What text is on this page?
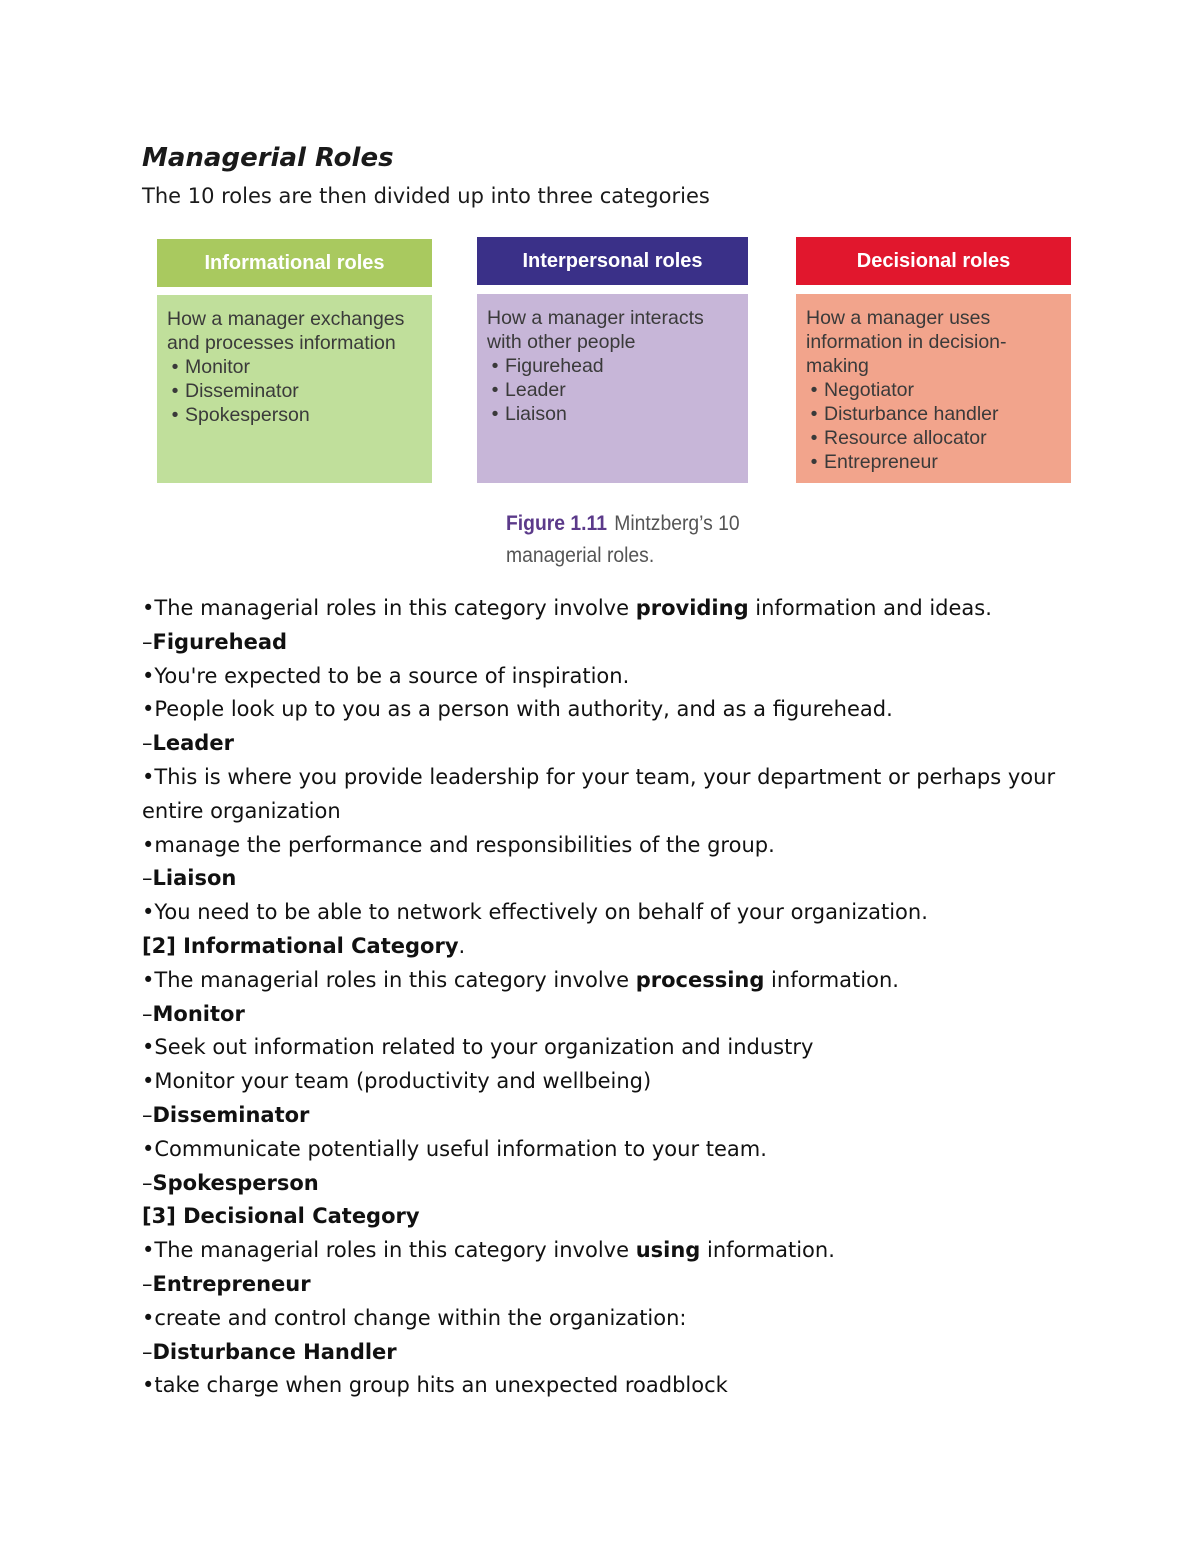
Managerial Roles
The 10 roles are then divided up into three categories
Informational roles
How a manager exchanges and processes information
• Monitor
• Disseminator
• Spokesperson
Interpersonal roles
How a manager interacts with other people
• Figurehead
• Leader
• Liaison
Decisional roles
How a manager uses information in decision-making
• Negotiator
• Disturbance handler
• Resource allocator
• Entrepreneur
Figure 1.11 Mintzberg’s 10 managerial roles.
•The managerial roles in this category involve providing information and ideas.
–Figurehead
•You're expected to be a source of inspiration.
•People look up to you as a person with authority, and as a figurehead.
–Leader
•This is where you provide leadership for your team, your department or perhaps your entire organization
•manage the performance and responsibilities of the group.
–Liaison
•You need to be able to network effectively on behalf of your organization.
[2] Informational Category.
•The managerial roles in this category involve processing information.
–Monitor
•Seek out information related to your organization and industry
•Monitor your team (productivity and wellbeing)
–Disseminator
•Communicate potentially useful information to your team.
–Spokesperson
[3] Decisional Category
•The managerial roles in this category involve using information.
–Entrepreneur
•create and control change within the organization:
–Disturbance Handler
•take charge when group hits an unexpected roadblock
